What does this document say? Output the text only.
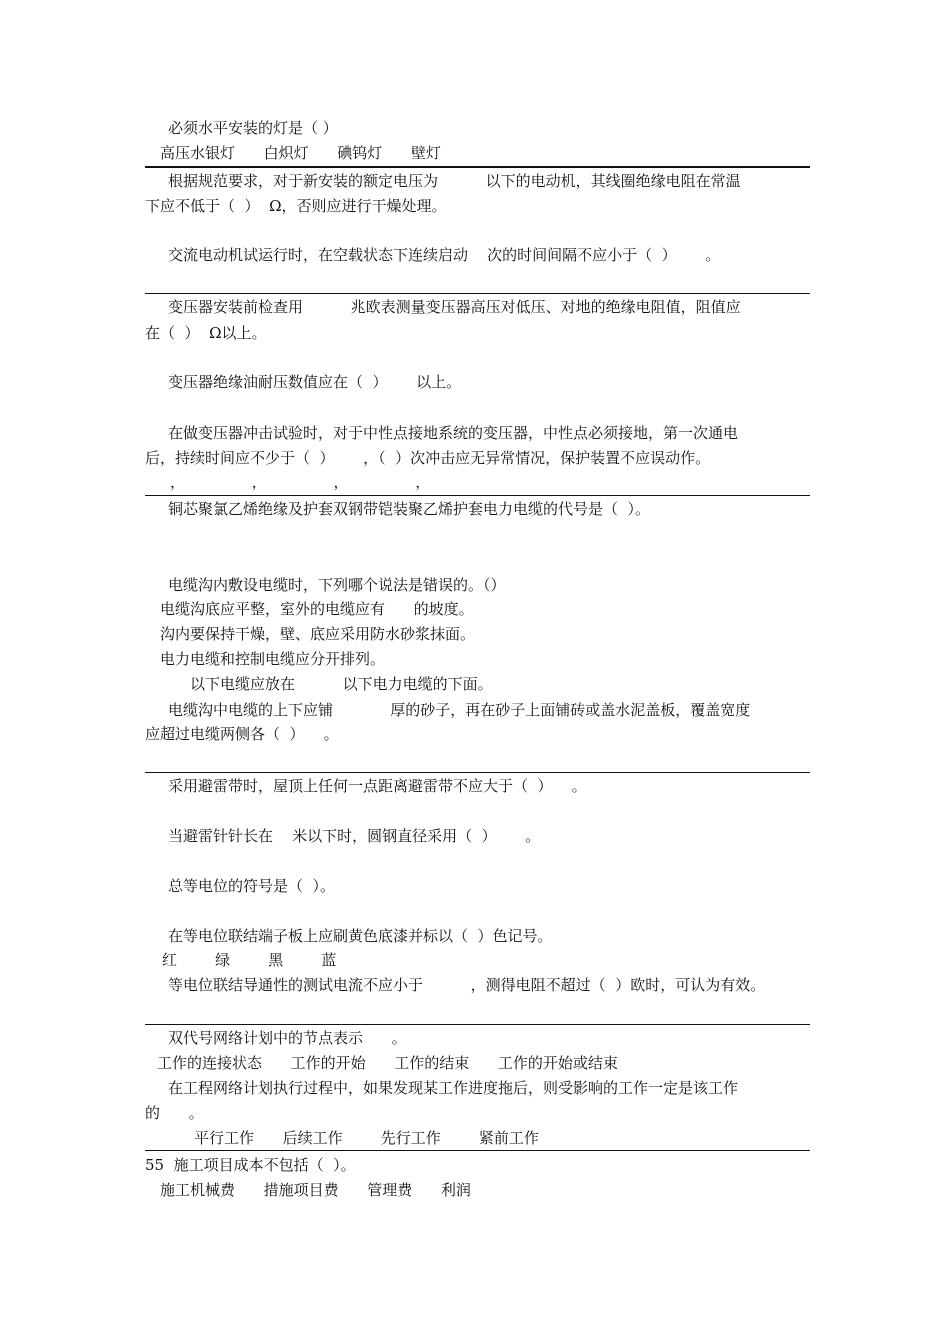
必须水平安装的灯是（ ）
高压水银灯      白炽灯      碘钨灯      壁灯
根据规范要求，对于新安装的额定电压为          以下的电动机，其线圈绝缘电阻在常温
下应不低于（  ）  Ω，否则应进行干燥处理。
交流电动机试运行时，在空载状态下连续启动    次的时间间隔不应小于（  ）      。
变压器安装前检查用          兆欧表测量变压器高压对低压、对地的绝缘电阻值，阻值应
在（  ）  Ω以上。
变压器绝缘油耐压数值应在（  ）      以上。
在做变压器冲击试验时，对于中性点接地系统的变压器，中性点必须接地，第一次通电
后，持续时间应不少于（  ）      ，（  ）次冲击应无异常情况，保护装置不应误动作。
，              ，              ，              ，
铜芯聚氯乙烯绝缘及护套双钢带铠装聚乙烯护套电力电缆的代号是（  ）。
电缆沟内敷设电缆时，下列哪个说法是错误的。（）
电缆沟底应平整，室外的电缆应有      的坡度。
沟内要保持干燥，壁、底应采用防水砂浆抹面。
电力电缆和控制电缆应分开排列。
以下电缆应放在          以下电力电缆的下面。
电缆沟中电缆的上下应铺            厚的砂子，再在砂子上面铺砖或盖水泥盖板，覆盖宽度
应超过电缆两侧各（  ）    。
采用避雷带时，屋顶上任何一点距离避雷带不应大于（  ）    。
当避雷针针长在    米以下时，圆钢直径采用（  ）      。
总等电位的符号是（  ）。
在等电位联结端子板上应刷黄色底漆并标以（  ）色记号。
红        绿        黑        蓝
等电位联结导通性的测试电流不应小于          ，测得电阻不超过（  ）欧时，可认为有效。
双代号网络计划中的节点表示      。
工作的连接状态      工作的开始      工作的结束      工作的开始或结束
在工程网络计划执行过程中，如果发现某工作进度拖后，则受影响的工作一定是该工作
的      。
平行工作      后续工作        先行工作        紧前工作
55  施工项目成本不包括（  ）。
施工机械费      措施项目费      管理费      利润
